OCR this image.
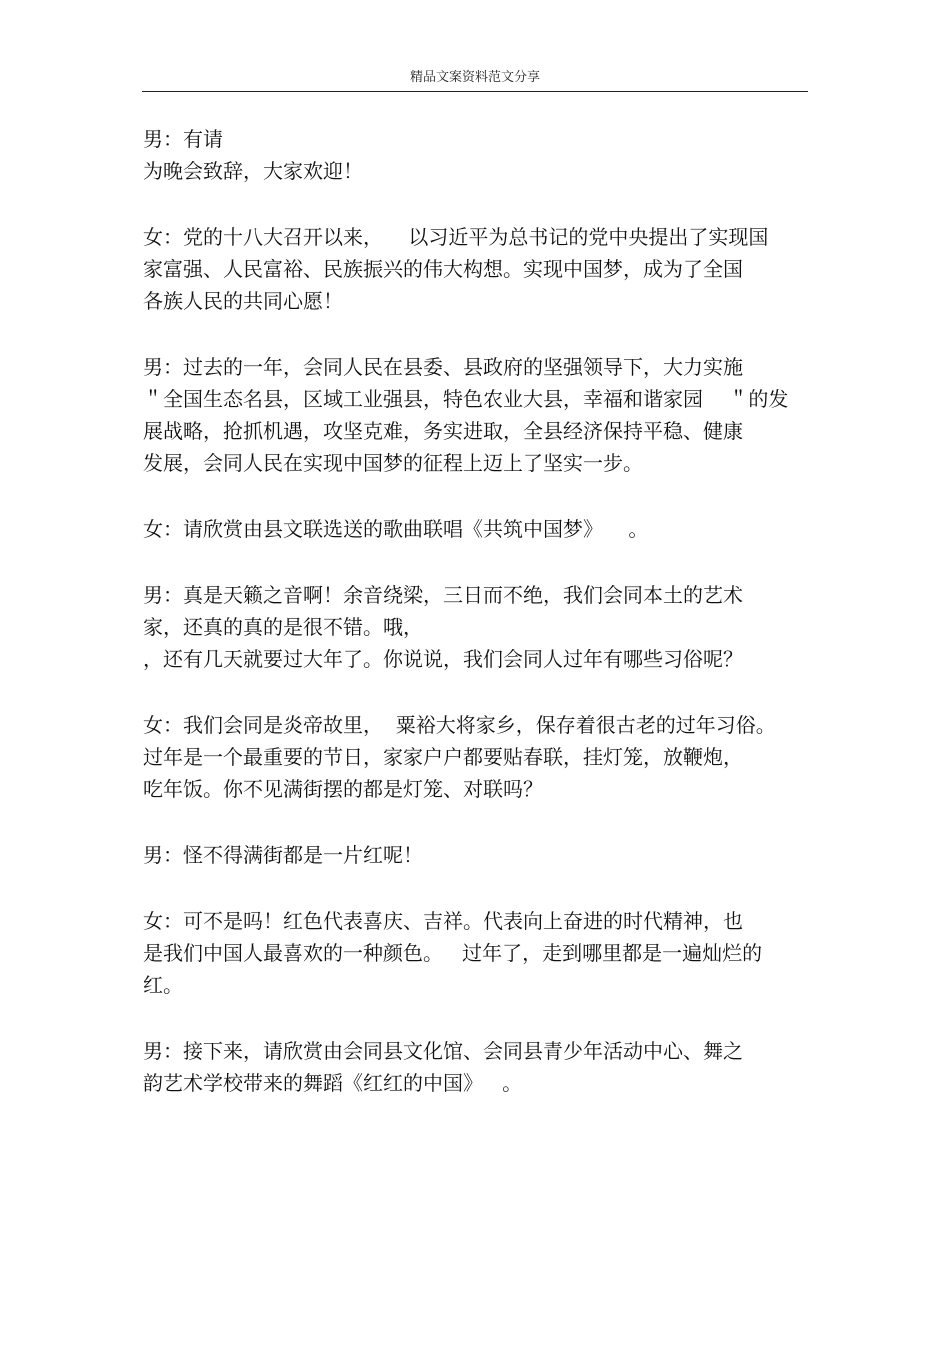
精品文案资料范文分享
男：有请
为晚会致辞，大家欢迎！
女：党的十八大召开以来，    以习近平为总书记的党中央提出了实现国
家富强、人民富裕、民族振兴的伟大构想。实现中国梦，成为了全国
各族人民的共同心愿！
男：过去的一年，会同人民在县委、县政府的坚强领导下，大力实施
＂全国生态名县，区域工业强县，特色农业大县，幸福和谐家园    ＂的发
展战略，抢抓机遇，攻坚克难，务实进取，全县经济保持平稳、健康
发展，会同人民在实现中国梦的征程上迈上了坚实一步。
女：请欣赏由县文联选送的歌曲联唱《共筑中国梦》    。
男：真是天籁之音啊！余音绕梁，三日而不绝，我们会同本土的艺术
家，还真的真的是很不错。哦，
，还有几天就要过大年了。你说说，我们会同人过年有哪些习俗呢？
女：我们会同是炎帝故里，  粟裕大将家乡，保存着很古老的过年习俗。
过年是一个最重要的节日，家家户户都要贴春联，挂灯笼，放鞭炮，
吃年饭。你不见满街摆的都是灯笼、对联吗？
男：怪不得满街都是一片红呢！
女：可不是吗！红色代表喜庆、吉祥。代表向上奋进的时代精神，也
是我们中国人最喜欢的一种颜色。   过年了，走到哪里都是一遍灿烂的
红。
男：接下来，请欣赏由会同县文化馆、会同县青少年活动中心、舞之
韵艺术学校带来的舞蹈《红红的中国》   。
